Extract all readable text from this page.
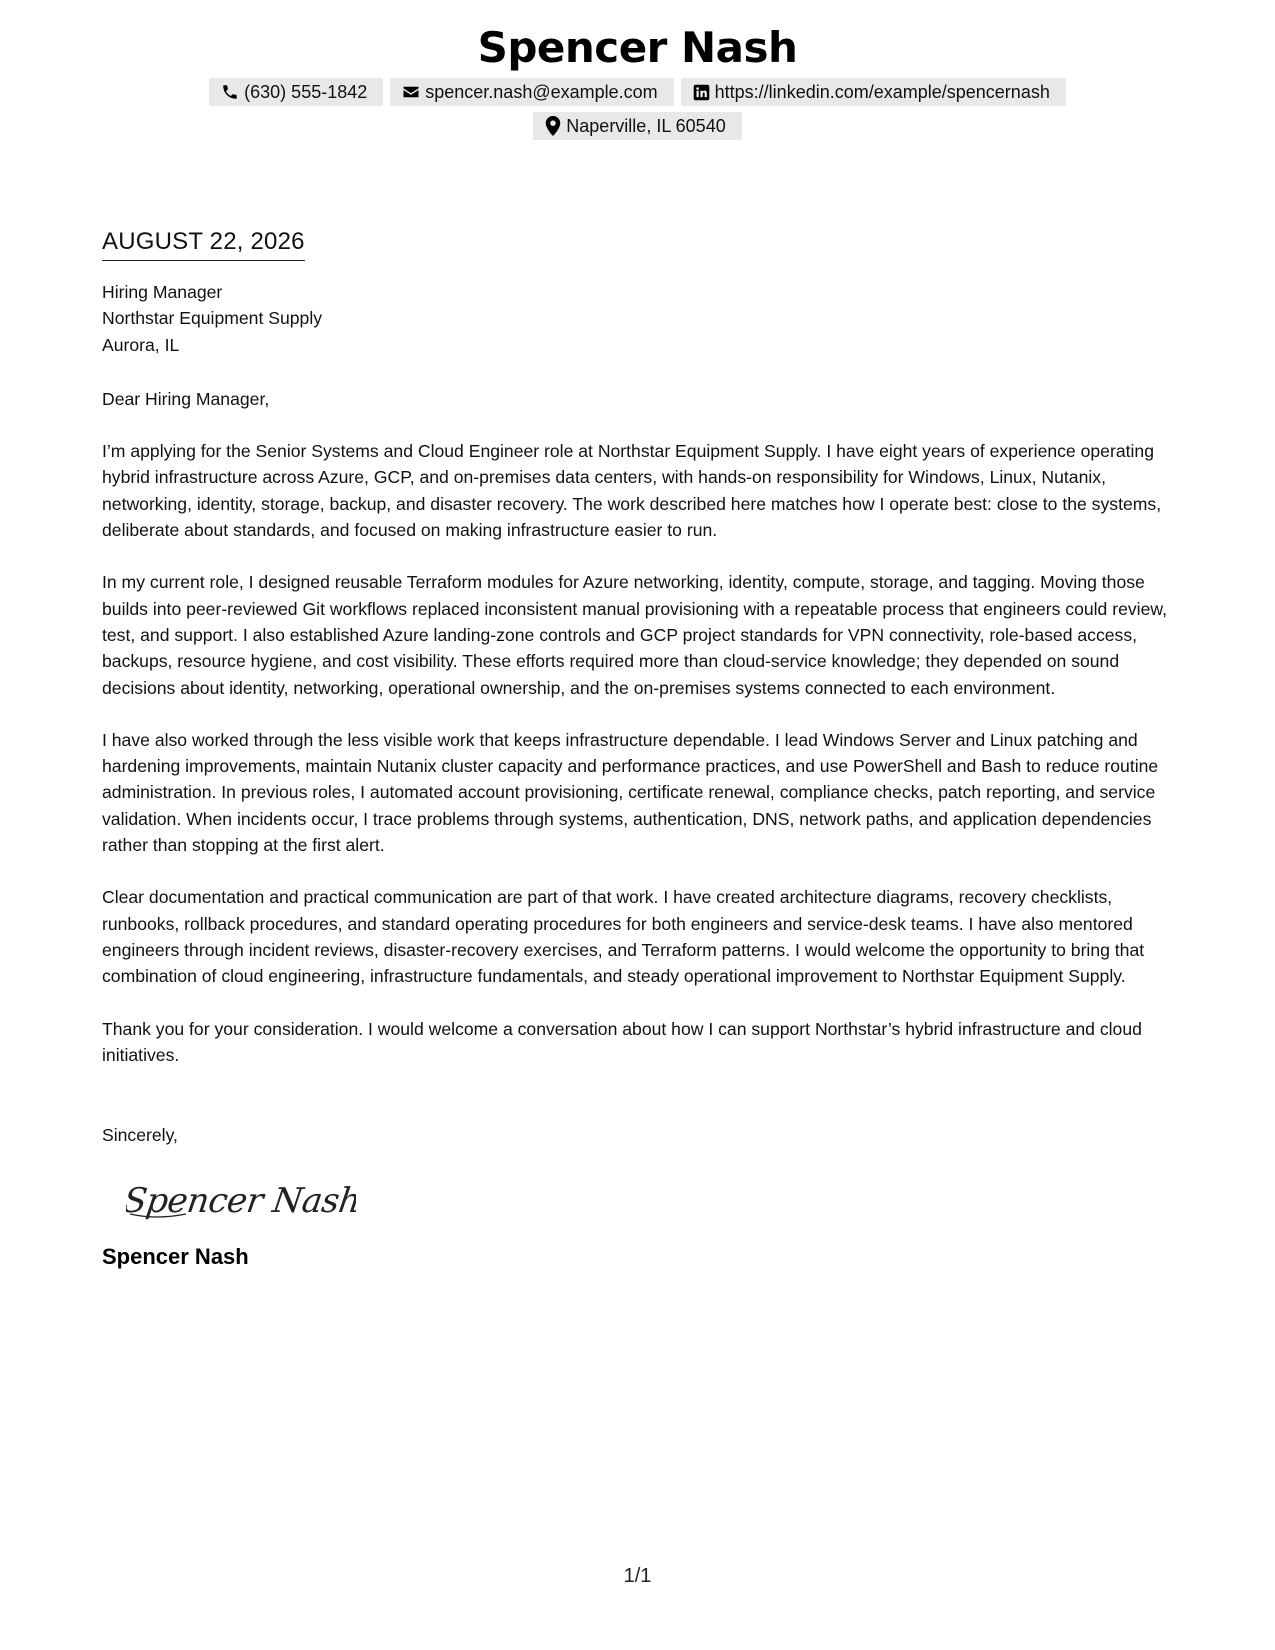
Spencer Nash
(630) 555-1842	spencer.nash@example.com	https://linkedin.com/example/spencernash
Naperville, IL 60540
AUGUST 22, 2026
Hiring Manager
Northstar Equipment Supply
Aurora, IL
Dear Hiring Manager,

I’m applying for the Senior Systems and Cloud Engineer role at Northstar Equipment Supply. I have eight years of experience operating hybrid infrastructure across Azure, GCP, and on-premises data centers, with hands-on responsibility for Windows, Linux, Nutanix, networking, identity, storage, backup, and disaster recovery. The work described here matches how I operate best: close to the systems, deliberate about standards, and focused on making infrastructure easier to run.

In my current role, I designed reusable Terraform modules for Azure networking, identity, compute, storage, and tagging. Moving those builds into peer-reviewed Git workflows replaced inconsistent manual provisioning with a repeatable process that engineers could review, test, and support. I also established Azure landing-zone controls and GCP project standards for VPN connectivity, role-based access, backups, resource hygiene, and cost visibility. These efforts required more than cloud-service knowledge; they depended on sound decisions about identity, networking, operational ownership, and the on-premises systems connected to each environment.

I have also worked through the less visible work that keeps infrastructure dependable. I lead Windows Server and Linux patching and hardening improvements, maintain Nutanix cluster capacity and performance practices, and use PowerShell and Bash to reduce routine administration. In previous roles, I automated account provisioning, certificate renewal, compliance checks, patch reporting, and service validation. When incidents occur, I trace problems through systems, authentication, DNS, network paths, and application dependencies rather than stopping at the first alert.

Clear documentation and practical communication are part of that work. I have created architecture diagrams, recovery checklists, runbooks, rollback procedures, and standard operating procedures for both engineers and service-desk teams. I have also mentored engineers through incident reviews, disaster-recovery exercises, and Terraform patterns. I would welcome the opportunity to bring that combination of cloud engineering, infrastructure fundamentals, and steady operational improvement to Northstar Equipment Supply.

Thank you for your consideration. I would welcome a conversation about how I can support Northstar’s hybrid infrastructure and cloud initiatives.

Sincerely,
Spencer Nash
Spencer Nash
1/1
